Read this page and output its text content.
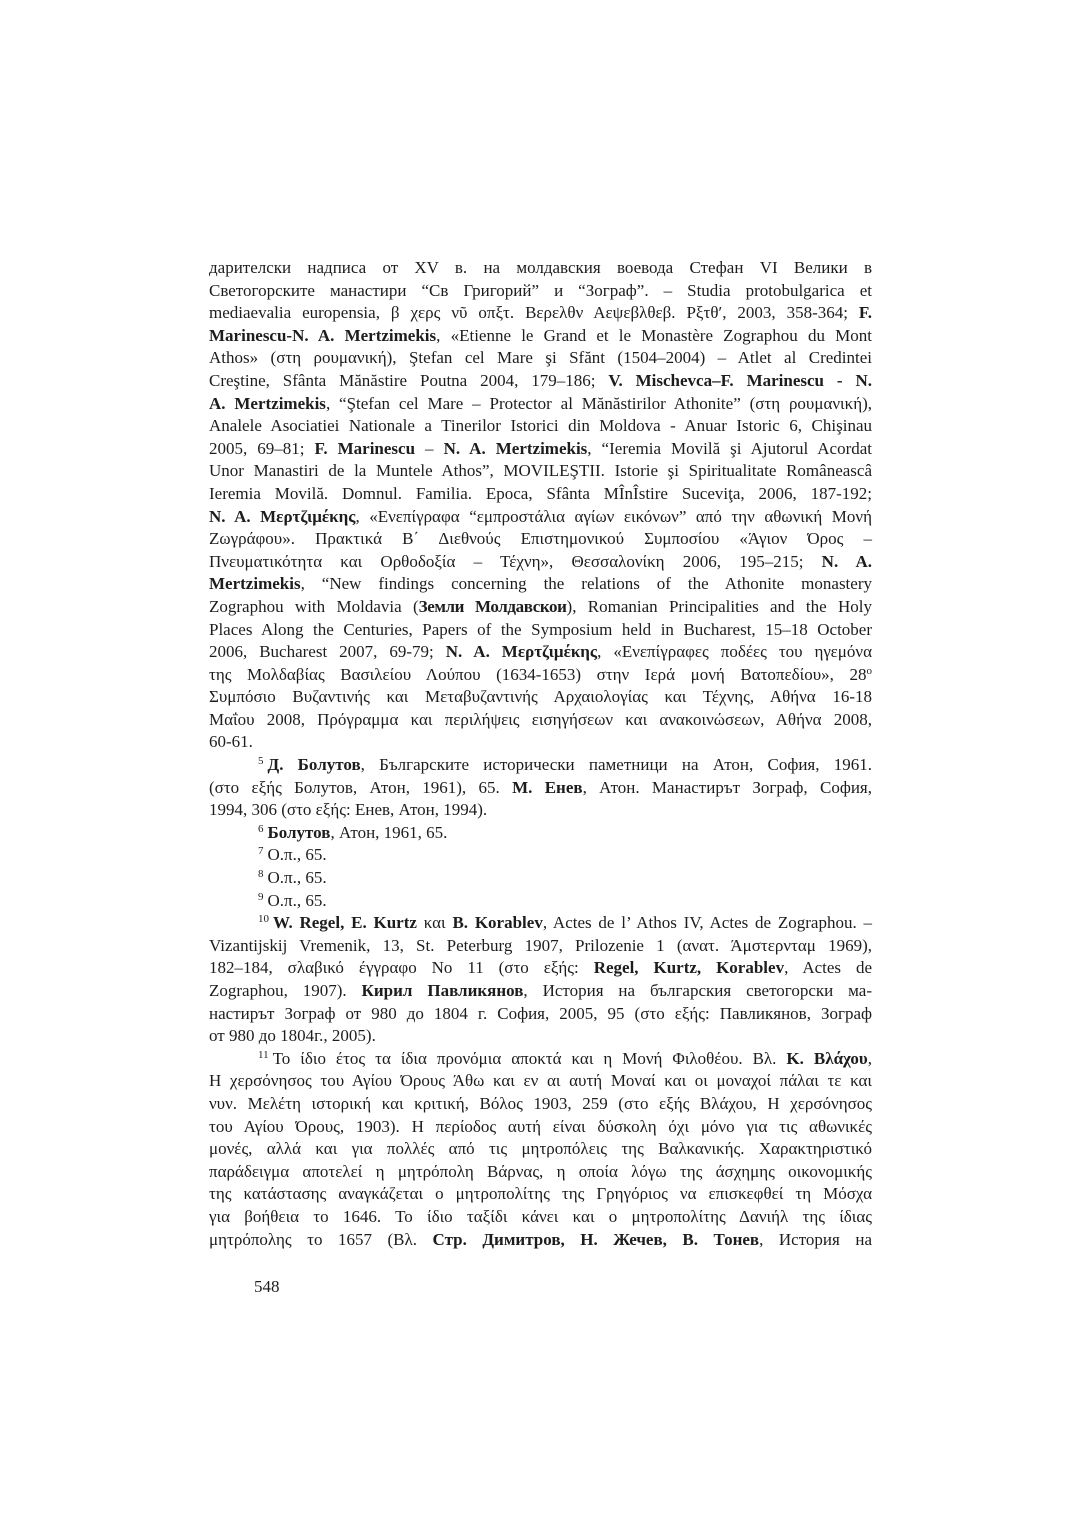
дарителски надписа от XV в. на молдавския воевода Стефан VI Велики в
Светогорските манастири “Св Григорий” и “Зограф”. – Studia protobulgarica et
mediaevalia europensia, β χερς νῦ οπξτ. Βερελθν Αεψεβλθεβ. Ρξτθ′, 2003, 358-364; F.
Marinescu-N. A. Mertzimekis, «Etienne le Grand et le Monastère Zographou du Mont
Athos» (στη ρουμανική), Ştefan cel Mare şi Sfănt (1504–2004) – Atlet al Credintei
Creştine, Sfânta Mănăstire Poutna 2004, 179–186; V. Mischevca–F. Marinescu - N.
A. Mertzimekis, “Ştefan cel Mare – Protector al Mănăstirilor Athonite” (στη ρουμανική),
Analele Asociatiei Nationale a Tinerilor Istorici din Moldova - Anuar Istoric 6, Chişinau
2005, 69–81; F. Marinescu – N. A. Mertzimekis, “Ieremia Movilă şi Ajutorul Acordat
Unor Manastiri de la Muntele Athos”, MOVILEŞTII. Istorie şi Spiritualitate Româneascâ
Ieremia Movilă. Domnul. Familia. Epoca, Sfânta MÎnÎstire Suceviţa, 2006, 187-192;
N. A. Μερτζιμέκης, «Ενεπίγραφα “εμπροστάλια αγίων εικόνων” από την αθωνική Μονή
Ζωγράφου». Πρακτικά Β΄ Διεθνούς Επιστημονικού Συμποσίου «Άγιον Όρος –
Πνευματικότητα και Ορθοδοξία – Τέχνη», Θεσσαλονίκη 2006, 195–215; N. A.
Mertzimekis, “New findings concerning the relations of the Athonite monastery
Zographou with Moldavia (Земли Молдавскои), Romanian Principalities and the Holy
Places Along the Centuries, Papers of the Symposium held in Bucharest, 15–18 October
2006, Bucharest 2007, 69-79; N. A. Μερτζιμέκης, «Ενεπίγραφες ποδέες του ηγεμόνα
της Μολδαβίας Βασιλείου Λούπου (1634-1653) στην Ιερά μονή Βατοπεδίου», $28^o$
Συμπόσιο Βυζαντινής και Μεταβυζαντινής Αρχαιολογίας και Τέχνης, Αθήνα 16-18
Μαΐου 2008, Πρόγραμμα και περιλήψεις εισηγήσεων και ανακοινώσεων, Αθήνα 2008,
60-61.
$^5$ Д. Болутов, Българските исторически паметници на Атон, София, 1961.
(στο εξής Болутов, Атон, 1961), 65. М. Енев, Атон. Манастирът Зограф, София,
1994, 306 (στο εξής: Енев, Атон, 1994).
$^6$ Болутов, Атон, 1961, 65.
$^7$ Ο.π., 65.
$^8$ Ο.π., 65.
$^9$ Ο.π., 65.
$^{10}$ W. Regel, E. Kurtz και B. Korablev, Actes de l’ Athos IV, Actes de Zographou. –
Vizantijskij Vremenik, 13, St. Peterburg 1907, Prilozenie 1 (ανατ. Άμστερνταμ 1969),
182–184, σλαβικό έγγραφο Νο 11 (στο εξής: Regel, Kurtz, Korablev, Actes de
Zographou, 1907). Кирил Павликянов, История на българския светогорски ма-
настирът Зограф от 980 до 1804 г. София, 2005, 95 (στο εξής: Павликянов, Зограф
от 980 до 1804г., 2005).
$^{11}$ Το ίδιο έτος τα ίδια προνόμια αποκτά και η Μονή Φιλοθέου. Βλ. Κ. Βλάχου,
Η χερσόνησος του Αγίου Όρους Άθω και εν αι αυτή Μοναί και οι μοναχοί πάλαι τε και
νυν. Μελέτη ιστορική και κριτική, Βόλος 1903, 259 (στο εξής Βλάχου, Η χερσόνησος
του Αγίου Όρους, 1903). Η περίοδος αυτή είναι δύσκολη όχι μόνο για τις αθωνικές
μονές, αλλά και για πολλές από τις μητροπόλεις της Βαλκανικής. Χαρακτηριστικό
παράδειγμα αποτελεί η μητρόπολη Βάρνας, η οποία λόγω της άσχημης οικονομικής
της κατάστασης αναγκάζεται ο μητροπολίτης της Γρηγόριος να επισκεφθεί τη Μόσχα
για βοήθεια το 1646. Το ίδιο ταξίδι κάνει και ο μητροπολίτης Δανιήλ της ίδιας
μητρόπολης το 1657 (Βλ. Стр. Димитров, Н. Жечев, В. Тонев, История на
548
